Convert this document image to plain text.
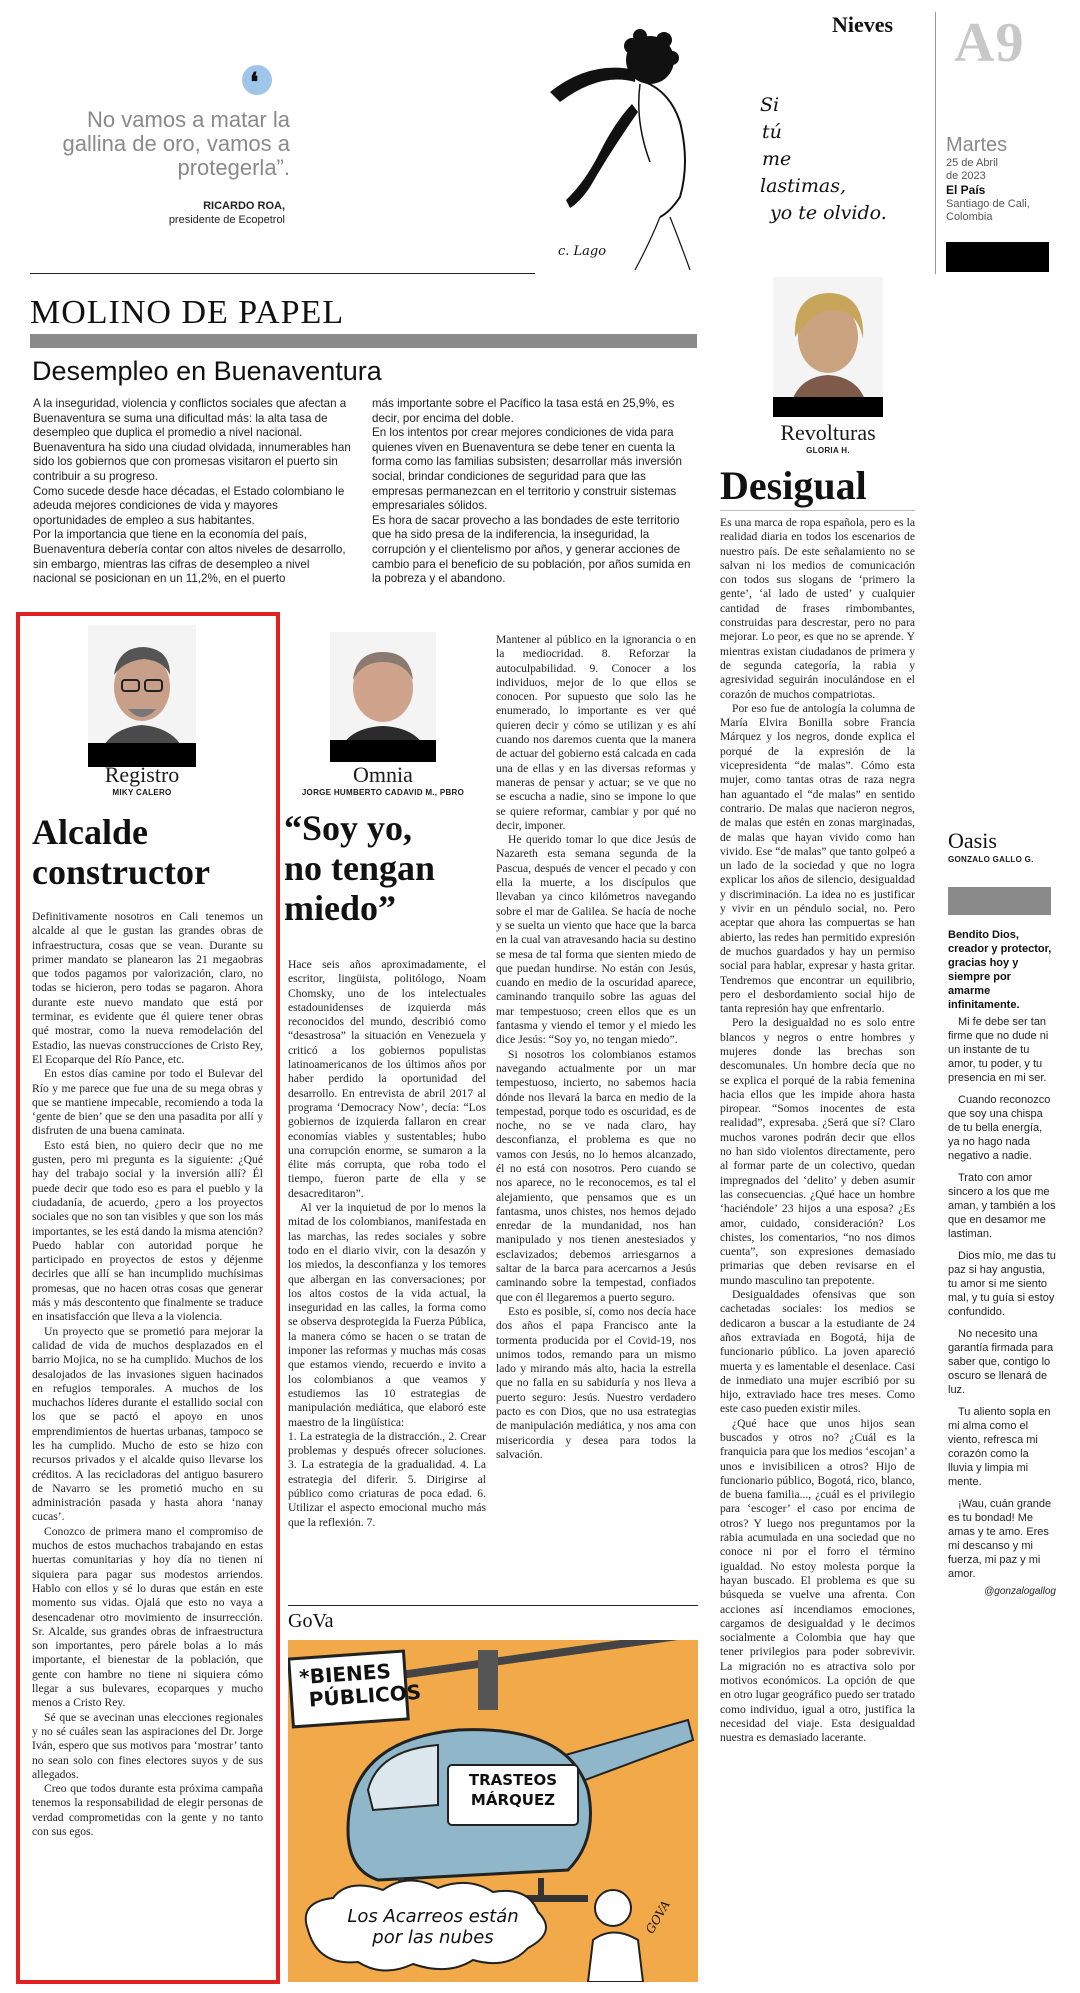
❛
No vamos a matar la gallina de oro, vamos a protegerla”.
RICARDO ROA,
presidente de Ecopetrol
Nieves
Si
tú
me
lastimas,
yo te olvido.
c. Lago
A9
Martes
25 de Abril
de 2023
El País
Santiago de Cali,
Colombia
MOLINO DE PAPEL
Desempleo en Buenaventura

A la inseguridad, violencia y conflictos sociales que afectan a Buenaventura se suma una dificultad más: la alta tasa de desempleo que duplica el promedio a nivel nacional.

Buenaventura ha sido una ciudad olvidada, innumerables han sido los gobiernos que con promesas visitaron el puerto sin contribuir a su progreso.

Como sucede desde hace décadas, el Estado colombiano le adeuda mejores condiciones de vida y mayores oportunidades de empleo a sus habitantes.

Por la importancia que tiene en la economía del país, Buenaventura debería contar con altos niveles de desarrollo, sin embargo, mientras las cifras de desempleo a nivel nacional se posicionan en un 11,2%, en el puerto

más importante sobre el Pacífico la tasa está en 25,9%, es decir, por encima del doble.

En los intentos por crear mejores condiciones de vida para quienes viven en Buenaventura se debe tener en cuenta la forma como las familias subsisten; desarrollar más inversión social, brindar condiciones de seguridad para que las empresas permanezcan en el territorio y construir sistemas empresariales sólidos.

Es hora de sacar provecho a las bondades de este territorio que ha sido presa de la indiferencia, la inseguridad, la corrupción y el clientelismo por años, y generar acciones de cambio para el beneficio de su población, por años sumida en la pobreza y el abandono.

Revolturas
GLORIA H.
Desigual

Es una marca de ropa española, pero es la realidad diaria en todos los escenarios de nuestro país. De este señalamiento no se salvan ni los medios de comunicación con todos sus slogans de ‘primero la gente’, ‘al lado de usted’ y cualquier cantidad de frases rimbombantes, construidas para descrestar, pero no para mejorar. Lo peor, es que no se aprende. Y mientras existan ciudadanos de primera y de segunda categoría, la rabia y agresividad seguirán inoculándose en el corazón de muchos compatriotas.

Por eso fue de antología la columna de María Elvira Bonilla sobre Francia Márquez y los negros, donde explica el porqué de la expresión de la vicepresidenta “de malas”. Cómo esta mujer, como tantas otras de raza negra han aguantado el “de malas” en sentido contrario. De malas que nacieron negros, de malas que estén en zonas marginadas, de malas que hayan vivido como han vivido. Ese “de malas” que tanto golpeó a un lado de la sociedad y que no logra explicar los años de silencio, desigualdad y discriminación. La idea no es justificar y vivir en un péndulo social, no. Pero aceptar que ahora las compuertas se han abierto, las redes han permitido expresión de muchos guardados y hay un permiso social para hablar, expresar y hasta gritar. Tendremos que encontrar un equilibrio, pero el desbordamiento social hijo de tanta represión hay que enfrentarlo.

Pero la desigualdad no es solo entre blancos y negros o entre hombres y mujeres donde las brechas son descomunales. Un hombre decía que no se explica el porqué de la rabia femenina hacia ellos que les impide ahora hasta piropear. “Somos inocentes de esta realidad”, expresaba. ¿Será que sí? Claro muchos varones podrán decir que ellos no han sido violentos directamente, pero al formar parte de un colectivo, quedan impregnados del ‘delito’ y deben asumir las consecuencias. ¿Qué hace un hombre ‘haciéndole’ 23 hijos a una esposa? ¿Es amor, cuidado, consideración? Los chistes, los comentarios, “no nos dimos cuenta”, son expresiones demasiado primarias que deben revisarse en el mundo masculino tan prepotente.

Desigualdades ofensivas que son cachetadas sociales: los medios se dedicaron a buscar a la estudiante de 24 años extraviada en Bogotá, hija de funcionario público. La joven apareció muerta y es lamentable el desenlace. Casi de inmediato una mujer escribió por su hijo, extraviado hace tres meses. Como este caso pueden existir miles.

¿Qué hace que unos hijos sean buscados y otros no? ¿Cuál es la franquicia para que los medios ‘escojan’ a unos e invisibilicen a otros? Hijo de funcionario público, Bogotá, rico, blanco, de buena familia..., ¿cuál es el privilegio para ‘escoger’ el caso por encima de otros? Y luego nos preguntamos por la rabia acumulada en una sociedad que no conoce ni por el forro el término igualdad. No estoy molesta porque la hayan buscado. El problema es que su búsqueda se vuelve una afrenta. Con acciones así incendiamos emociones, cargamos de desigualdad y le decimos socialmente a Colombia que hay que tener privilegios para poder sobrevivir. La migración no es atractiva solo por motivos económicos. La opción de que en otro lugar geográfico puedo ser tratado como individuo, igual a otro, justifica la necesidad del viaje. Esta desigualdad nuestra es demasiado lacerante.

Oasis
GONZALO GALLO G.
Bendito Dios, creador y protector, gracias hoy y siempre por amarme infinitamente.

Mi fe debe ser tan firme que no dude ni un instante de tu amor, tu poder, y tu presencia en mi ser.

Cuando reconozco que soy una chispa de tu bella energía, ya no hago nada negativo a nadie.

Trato con amor sincero a los que me aman, y también a los que en desamor me lastiman.

Dios mío, me das tu paz si hay angustia, tu amor si me siento mal, y tu guía si estoy confundido.

No necesito una garantía firmada para saber que, contigo lo oscuro se llenará de luz.

Tu aliento sopla en mi alma como el viento, refresca mi corazón como la lluvia y limpia mi mente.

¡Wau, cuán grande es tu bondad! Me amas y te amo. Eres mi descanso y mi fuerza, mi paz y mi amor.

@gonzalogallog
Registro
MIKY CALERO
Alcalde
constructor

Definitivamente nosotros en Cali tenemos un alcalde al que le gustan las grandes obras de infraestructura, cosas que se vean. Durante su primer mandato se planearon las 21 megaobras que todos pagamos por valorización, claro, no todas se hicieron, pero todas se pagaron. Ahora durante este nuevo mandato que está por terminar, es evidente que él quiere tener obras qué mostrar, como la nueva remodelación del Estadio, las nuevas construcciones de Cristo Rey, El Ecoparque del Río Pance, etc.

En estos días camine por todo el Bulevar del Río y me parece que fue una de su mega obras y que se mantiene impecable, recomiendo a toda la ‘gente de bien’ que se den una pasadita por allí y disfruten de una buena caminata.

Esto está bien, no quiero decir que no me gusten, pero mi pregunta es la siguiente: ¿Qué hay del trabajo social y la inversión allí? Él puede decir que todo eso es para el pueblo y la ciudadanía, de acuerdo, ¿pero a los proyectos sociales que no son tan visibles y que son los más importantes, se les está dando la misma atención? Puedo hablar con autoridad porque he participado en proyectos de estos y déjenme decirles que allí se han incumplido muchísimas promesas, que no hacen otras cosas que generar más y más descontento que finalmente se traduce en insatisfacción que lleva a la violencia.

Un proyecto que se prometió para mejorar la calidad de vida de muchos desplazados en el barrio Mojica, no se ha cumplido. Muchos de los desalojados de las invasiones siguen hacinados en refugios temporales. A muchos de los muchachos líderes durante el estallido social con los que se pactó el apoyo en unos emprendimientos de huertas urbanas, tampoco se les ha cumplido. Mucho de esto se hizo con recursos privados y el alcalde quiso llevarse los créditos. A las recicladoras del antiguo basurero de Navarro se les prometió mucho en su administración pasada y hasta ahora ‘nanay cucas’.

Conozco de primera mano el compromiso de muchos de estos muchachos trabajando en estas huertas comunitarias y hoy día no tienen ni siquiera para pagar sus modestos arriendos. Hablo con ellos y sé lo duras que están en este momento sus vidas. Ojalá que esto no vaya a desencadenar otro movimiento de insurrección. Sr. Alcalde, sus grandes obras de infraestructura son importantes, pero párele bolas a lo más importante, el bienestar de la población, que gente con hambre no tiene ni siquiera cómo llegar a sus bulevares, ecoparques y mucho menos a Cristo Rey.

Sé que se avecinan unas elecciones regionales y no sé cuáles sean las aspiraciones del Dr. Jorge Iván, espero que sus motivos para ‘mostrar’ tanto no sean solo con fines electores suyos y de sus allegados.

Creo que todos durante esta próxima campaña tenemos la responsabilidad de elegir personas de verdad comprometidas con la gente y no tanto con sus egos.

Omnia
JORGE HUMBERTO CADAVID M., PBRO
“Soy yo,
no tengan
miedo”

Hace seis años aproximadamente, el escritor, lingüista, politólogo, Noam Chomsky, uno de los intelectuales estadounidenses de izquierda más reconocidos del mundo, describió como “desastrosa” la situación en Venezuela y criticó a los gobiernos populistas latinoamericanos de los últimos años por haber perdido la oportunidad del desarrollo. En entrevista de abril 2017 al programa ‘Democracy Now’, decía: “Los gobiernos de izquierda fallaron en crear economías viables y sustentables; hubo una corrupción enorme, se sumaron a la élite más corrupta, que roba todo el tiempo, fueron parte de ella y se desacreditaron”.

Al ver la inquietud de por lo menos la mitad de los colombianos, manifestada en las marchas, las redes sociales y sobre todo en el diario vivir, con la desazón y los miedos, la desconfianza y los temores que albergan en las conversaciones; por los altos costos de la vida actual, la inseguridad en las calles, la forma como se observa desprotegida la Fuerza Pública, la manera cómo se hacen o se tratan de imponer las reformas y muchas más cosas que estamos viendo, recuerdo e invito a los colombianos a que veamos y estudiemos las 10 estrategias de manipulación mediática, que elaboró este maestro de la lingüística:

1. La estrategia de la distracción., 2. Crear problemas y después ofrecer soluciones. 3. La estrategia de la gradualidad. 4. La estrategia del diferir. 5. Dirigirse al público como criaturas de poca edad. 6. Utilizar el aspecto emocional mucho más que la reflexión. 7.

Mantener al público en la ignorancia o en la mediocridad. 8. Reforzar la autoculpabilidad. 9. Conocer a los individuos, mejor de lo que ellos se conocen. Por supuesto que solo las he enumerado, lo importante es ver qué quieren decir y cómo se utilizan y es ahí cuando nos daremos cuenta que la manera de actuar del gobierno está calcada en cada una de ellas y en las diversas reformas y maneras de pensar y actuar; se ve que no se escucha a nadie, sino se impone lo que se quiere reformar, cambiar y por qué no decir, imponer.

He querido tomar lo que dice Jesús de Nazareth esta semana segunda de la Pascua, después de vencer el pecado y con ella la muerte, a los discípulos que llevaban ya cinco kilómetros navegando sobre el mar de Galilea. Se hacía de noche y se suelta un viento que hace que la barca en la cual van atravesando hacia su destino se mesa de tal forma que sienten miedo de que puedan hundirse. No están con Jesús, cuando en medio de la oscuridad aparece, caminando tranquilo sobre las aguas del mar tempestuoso; creen ellos que es un fantasma y viendo el temor y el miedo les dice Jesús: “Soy yo, no tengan miedo”.

Si nosotros los colombianos estamos navegando actualmente por un mar tempestuoso, incierto, no sabemos hacia dónde nos llevará la barca en medio de la tempestad, porque todo es oscuridad, es de noche, no se ve nada claro, hay desconfianza, el problema es que no vamos con Jesús, no lo hemos alcanzado, él no está con nosotros. Pero cuando se nos aparece, no le reconocemos, es tal el alejamiento, que pensamos que es un fantasma, unos chistes, nos hemos dejado enredar de la mundanidad, nos han manipulado y nos tienen anestesiados y esclavizados; debemos arriesgarnos a saltar de la barca para acercarnos a Jesús caminando sobre la tempestad, confiados que con él llegaremos a puerto seguro.

Esto es posible, sí, como nos decía hace dos años el papa Francisco ante la tormenta producida por el Covid-19, nos unimos todos, remando para un mismo lado y mirando más alto, hacia la estrella que no falla en su sabiduría y nos lleva a puerto seguro: Jesús. Nuestro verdadero pacto es con Dios, que no usa estrategias de manipulación mediática, y nos ama con misericordia y desea para todos la salvación.

GoVa
*BIENES
PÚBLICOS
TRASTEOS
MÁRQUEZ
Los Acarreos están
por las nubes
GOVA
